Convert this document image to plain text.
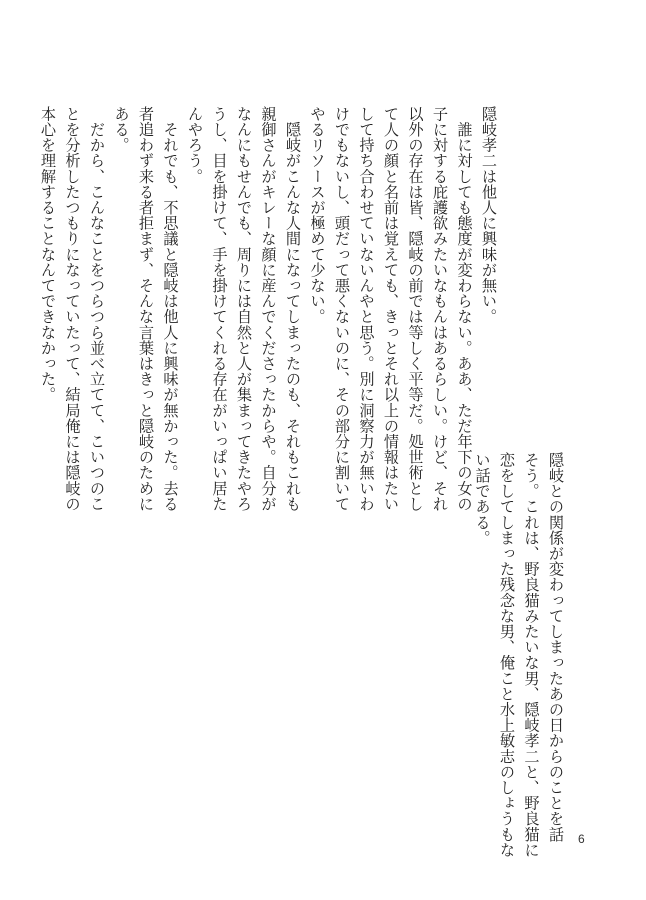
隠岐孝二は他人に興味が無い。
　誰に対しても態度が変わらない。ああ、ただ年下の女の
子に対する庇護欲みたいなもんはあるらしい。けど、それ
以外の存在は皆、隠岐の前では等しく平等だ。処世術とし
て人の顔と名前は覚えても、きっとそれ以上の情報はたい
して持ち合わせていないんやと思う。別に洞察力が無いわ
けでもないし、頭だって悪くないのに、その部分に割いて
やるリソースが極めて少ない。
　隠岐がこんな人間になってしまったのも、それもこれも
親御さんがキレーな顔に産んでくださったからや。自分が
なんにもせんでも、周りには自然と人が集まってきたやろ
うし、目を掛けて、手を掛けてくれる存在がいっぱい居た
んやろう。
　それでも、不思議と隠岐は他人に興味が無かった。去る
者追わず来る者拒まず、そんな言葉はきっと隠岐のために
ある。
　だから、こんなことをつらつら並べ立てて、こいつのこ
とを分析したつもりになっていたって、結局俺には隠岐の
本心を理解することなんてできなかった。
隠岐との関係が変わってしまったあの日からのことを話
そう。これは、野良猫みたいな男、隠岐孝二と、野良猫に
恋をしてしまった残念な男、俺こと水上敏志のしょうもな
い話である。
6
